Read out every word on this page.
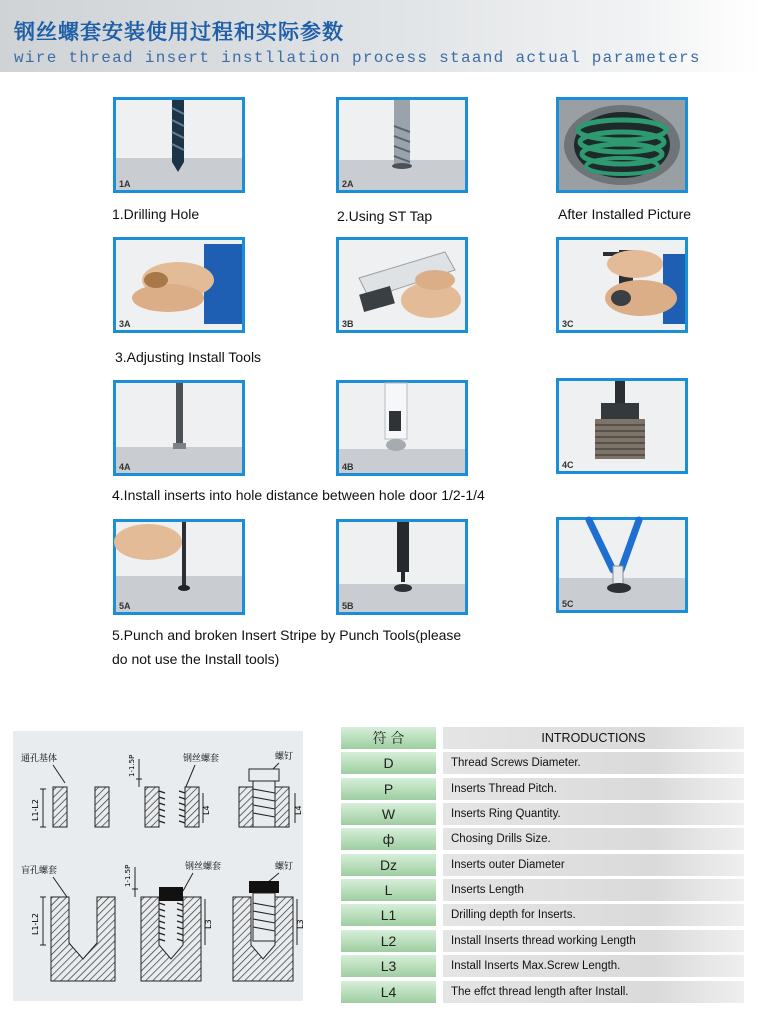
钢丝螺套安装使用过程和实际参数
wire thread insert instllation process staand actual parameters
1A	2A
1.Drilling Hole	2.Using ST Tap	After Installed Picture
3A	3B	3C
3.Adjusting Install Tools
4A	4B	4C
4.Install inserts into hole distance between hole door 1/2-1/4
5A	5B	5C
5.Punch and broken Insert Stripe by Punch Tools(please
do not use the Install tools)
通孔基体	钢丝螺套	螺钉
L1-L2
1-1.5P
L4	L4
盲孔螺套	钢丝螺套	螺钉
L1-L2
1-1.5P
L3	L3
符 合	INTRODUCTIONS
D	Thread Screws Diameter.
P	Inserts Thread Pitch.
W	Inserts Ring Quantity.
ф	Chosing Drills Size.
Dz	Inserts outer Diameter
L	Inserts Length
L1	Drilling depth for Inserts.
L2	Install Inserts thread working Length
L3	Install Inserts Max.Screw Length.
L4	The effct thread length after Install.
